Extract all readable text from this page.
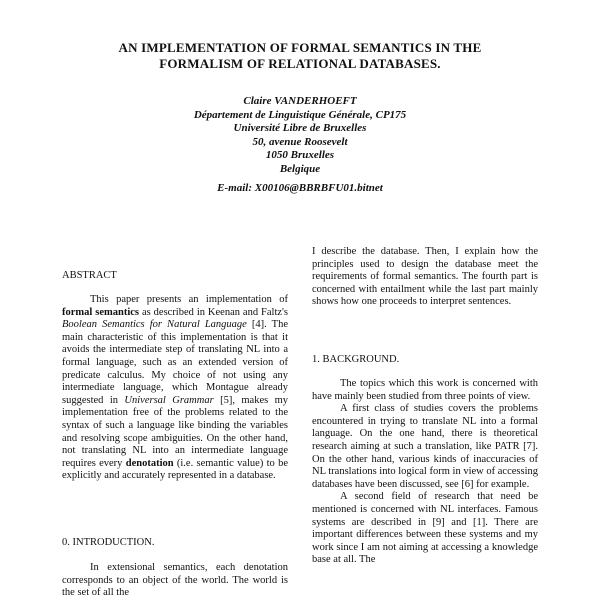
AN IMPLEMENTATION OF FORMAL SEMANTICS IN THE
FORMALISM OF RELATIONAL DATABASES.
Claire VANDERHOEFT
Département de Linguistique Générale, CP175
Université Libre de Bruxelles
50, avenue Roosevelt
1050 Bruxelles
Belgique
E-mail: X00106@BBRBFU01.bitnet
ABSTRACT

This paper presents an implementation of formal semantics as described in Keenan and Faltz's Boolean Semantics for Natural Language [4]. The main characteristic of this implementation is that it avoids the intermediate step of translating NL into a formal language, such as an extended version of predicate calculus. My choice of not using any intermediate language, which Montague already suggested in Universal Grammar [5], makes my implementation free of the problems related to the syntax of such a language like binding the variables and resolving scope ambiguities. On the other hand, not translating NL into an intermediate language requires every denotation (i.e. semantic value) to be explicitly and accurately represented in a database.

0. INTRODUCTION.

In extensional semantics, each denotation corresponds to an object of the world. The world is the set of all the

I describe the database. Then, I explain how the principles used to design the database meet the requirements of formal semantics. The fourth part is concerned with entailment while the last part mainly shows how one proceeds to interpret sentences.

1. BACKGROUND.

The topics which this work is concerned with have mainly been studied from three points of view.

A first class of studies covers the problems encountered in trying to translate NL into a formal language. On the one hand, there is theoretical research aiming at such a translation, like PATR [7]. On the other hand, various kinds of inaccuracies of NL translations into logical form in view of accessing databases have been discussed, see [6] for example.

A second field of research that need be mentioned is concerned with NL interfaces. Famous systems are described in [9] and [1]. There are important differences between these systems and my work since I am not aiming at accessing a knowledge base at all. The
